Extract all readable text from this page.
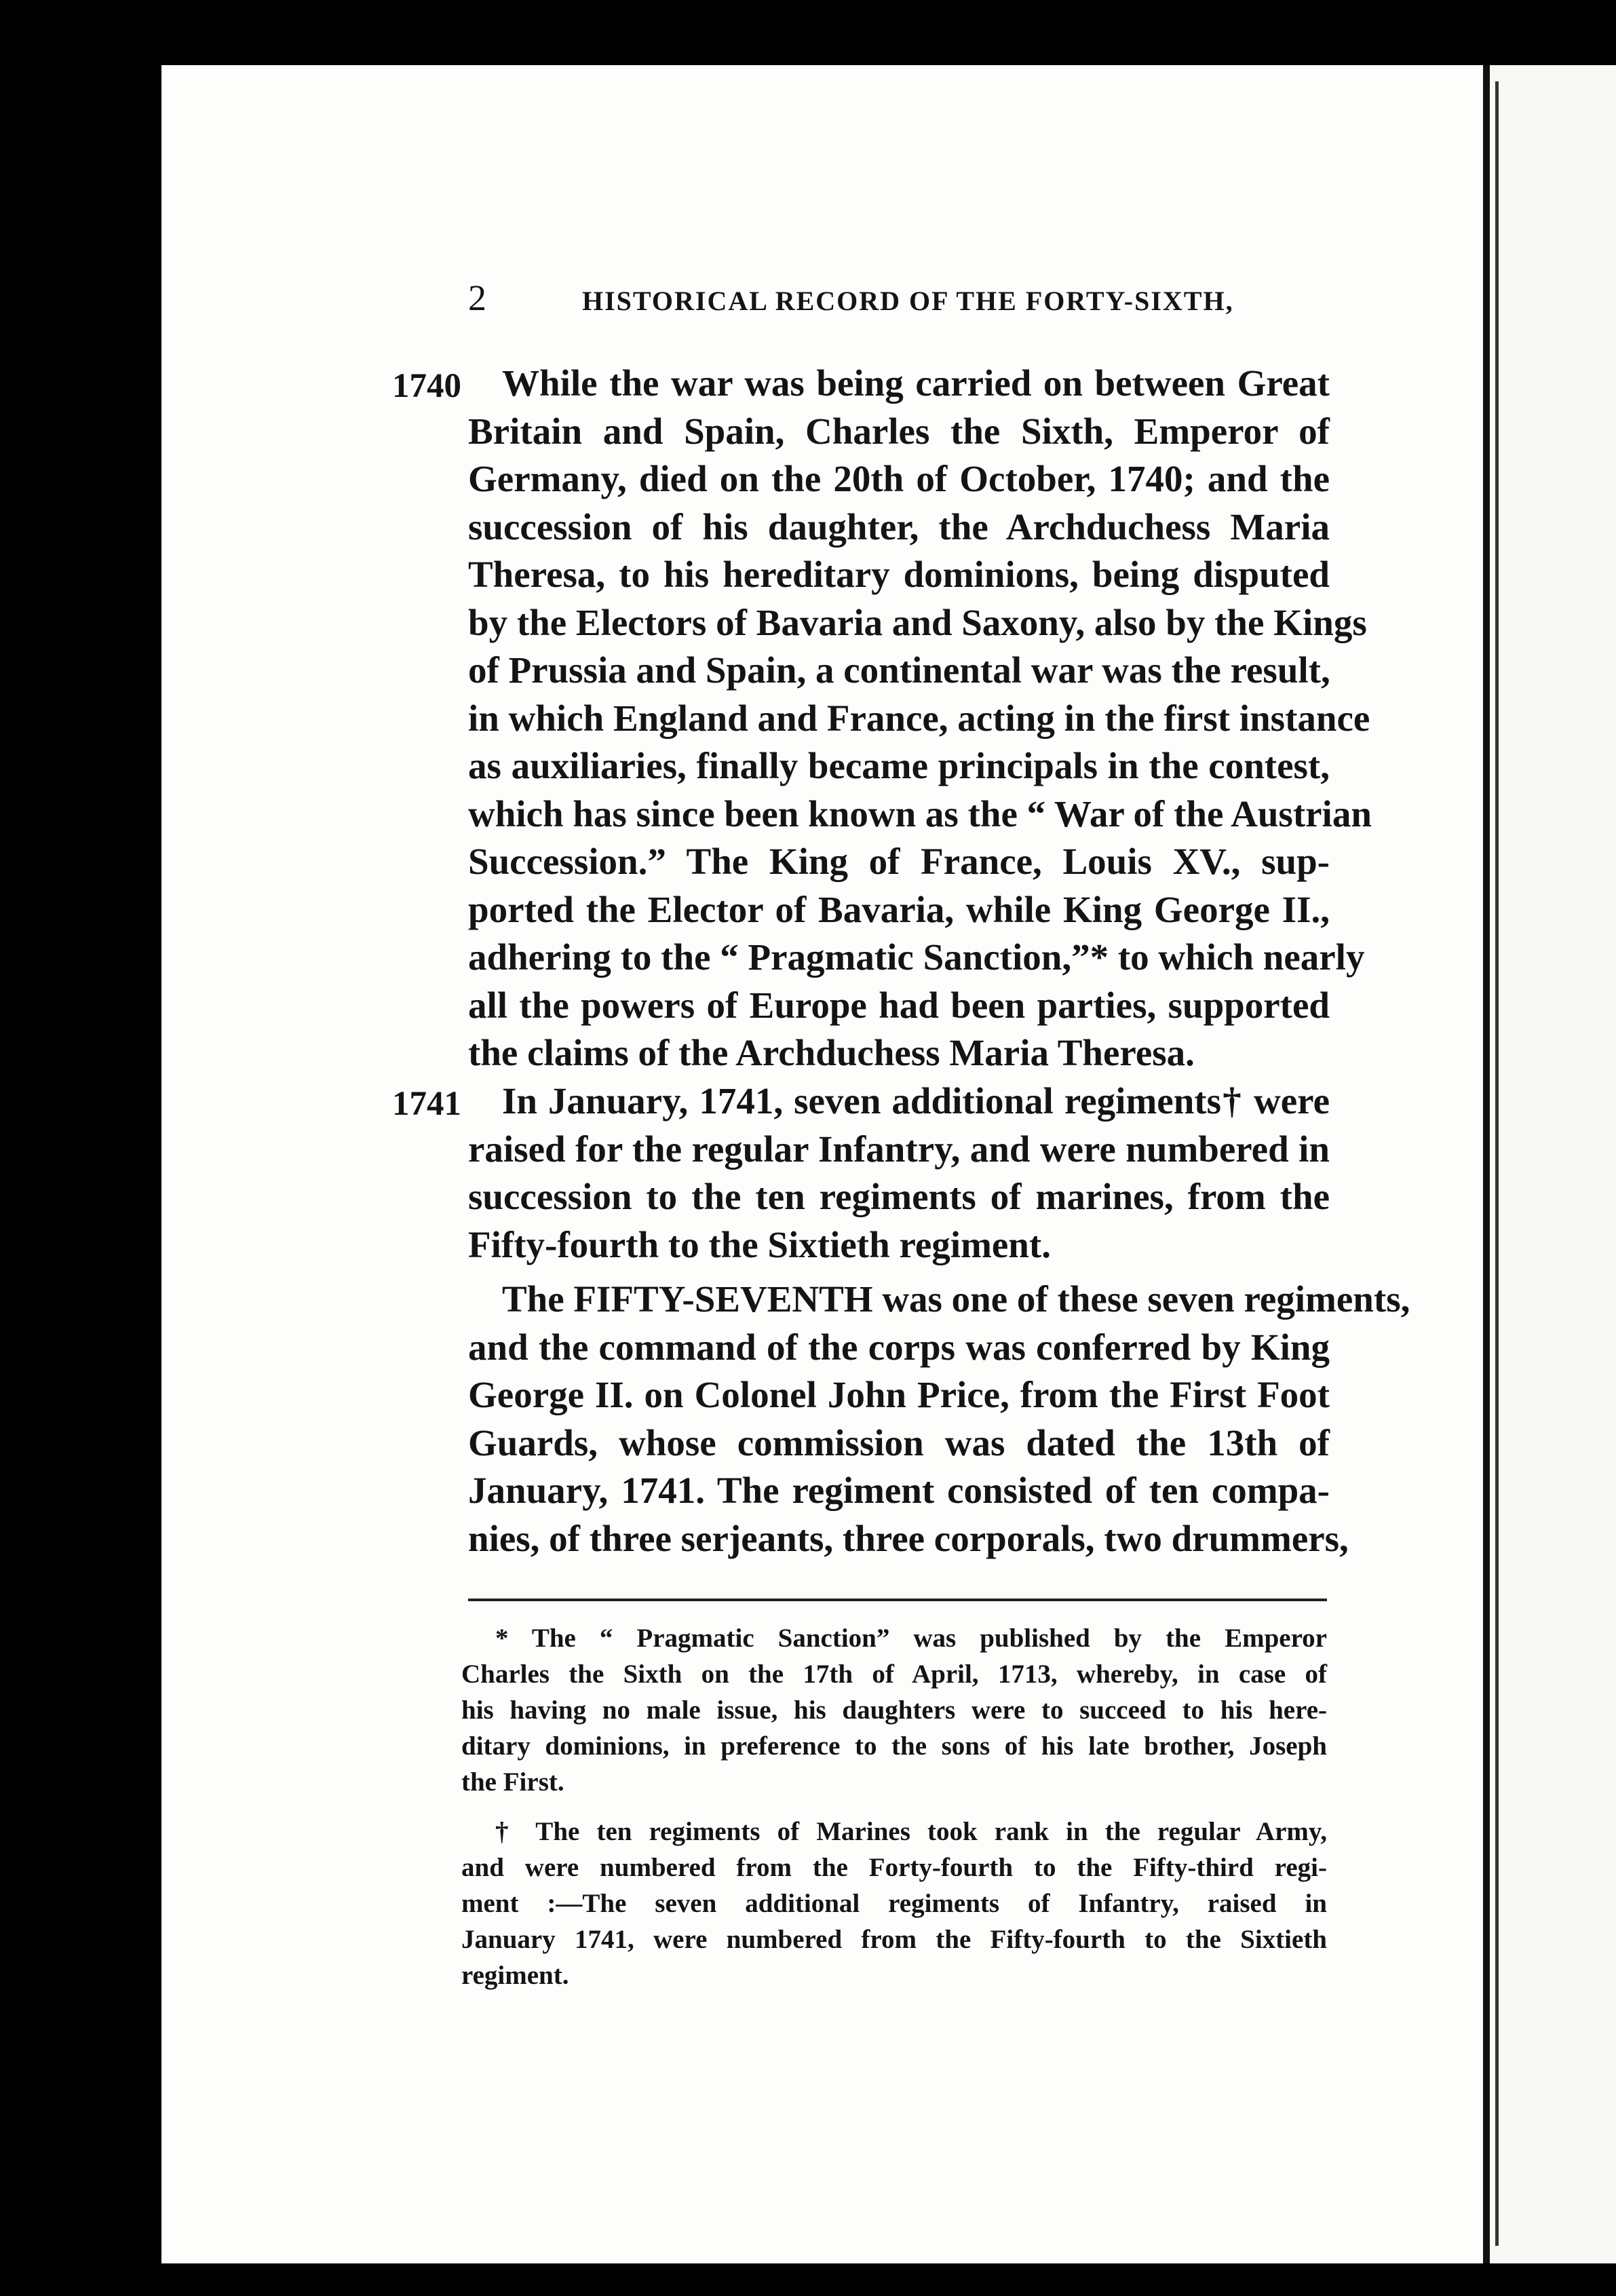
2	HISTORICAL RECORD OF THE FORTY-SIXTH,
1740	While the war was being carried on between Great
Britain and Spain, Charles the Sixth, Emperor of
Germany, died on the 20th of October, 1740; and the
succession of his daughter, the Archduchess Maria
Theresa, to his hereditary dominions, being disputed
by the Electors of Bavaria and Saxony, also by the Kings
of Prussia and Spain, a continental war was the result,
in which England and France, acting in the first instance
as auxiliaries, finally became principals in the contest,
which has since been known as the “ War of the Austrian
Succession.” The King of France, Louis XV., sup-
ported the Elector of Bavaria, while King George II.,
adhering to the “ Pragmatic Sanction,”* to which nearly
all the powers of Europe had been parties, supported
the claims of the Archduchess Maria Theresa.
1741	In January, 1741, seven additional regiments† were
raised for the regular Infantry, and were numbered in
succession to the ten regiments of marines, from the
Fifty-fourth to the Sixtieth regiment.
The FIFTY-SEVENTH was one of these seven regiments,
and the command of the corps was conferred by King
George II. on Colonel John Price, from the First Foot
Guards, whose commission was dated the 13th of
January, 1741. The regiment consisted of ten compa-
nies, of three serjeants, three corporals, two drummers,
* The “ Pragmatic Sanction” was published by the Emperor
Charles the Sixth on the 17th of April, 1713, whereby, in case of
his having no male issue, his daughters were to succeed to his here-
ditary dominions, in preference to the sons of his late brother, Joseph
the First.
† The ten regiments of Marines took rank in the regular Army,
and were numbered from the Forty-fourth to the Fifty-third regi-
ment :—The seven additional regiments of Infantry, raised in
January 1741, were numbered from the Fifty-fourth to the Sixtieth
regiment.
